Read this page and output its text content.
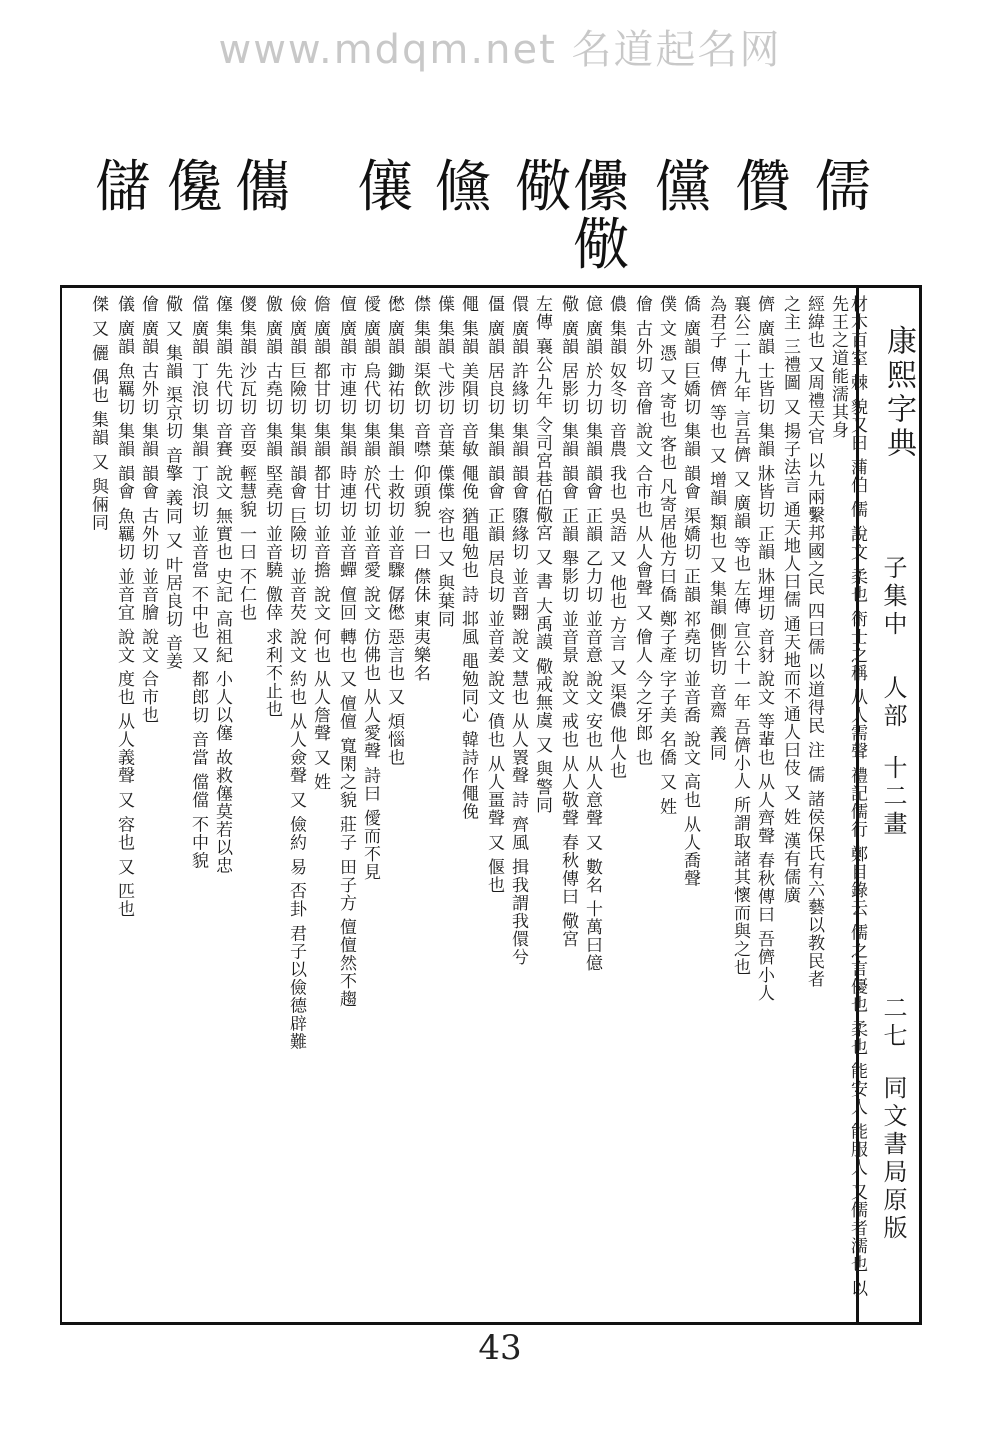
www.mdqm.net 名道起名网
儲 儳 儶 儴 儵 儆 儽
儆
儻 儹 儒
康熙字典
子集中
人部
十二畫
二七
同文書局原版
材木百室 棘 貌又曰 蒲伯 儒 說文 柔也 術士之稱 从人需聲 禮記儒行 鄭目錄云 儒之言優也 柔也 能安人 能服人 又儒者濡也 以先王之道能濡其身
經緯也 又周禮天官 以九兩繫邦國之民 四曰儒 以道得民 注 儒 諸侯保氏有六藝以教民者
之主 三禮圖 又 揚子法言 通天地人曰儒 通天地而不通人曰伎 又 姓 漢有儒廣
儕 廣韻 士皆切 集韻 牀皆切 正韻 牀埋切 音豺 說文 等輩也 从人齊聲 春秋傳曰 吾儕小人
襄公二十九年 言吾儕 又 廣韻 等也 左傳 宣公十一年 吾儕小人 所謂取諸其懷而與之也
為君子 傳 儕 等也 又 增韻 類也 又 集韻 側皆切 音齋 義同
僑 廣韻 巨嬌切 集韻 韻會 渠嬌切 正韻 祁堯切 並音喬 說文 高也 从人喬聲
僕 文 憑 又 寄也 客也 凡寄居他方曰僑 鄭子產 字子美 名僑 又 姓
儈 古外切 音儈 說文 合市也 从人會聲 又 儈人 今之牙郎 也
儂 集韻 奴冬切 音農 我也 吳語 又 他也 方言 又 渠儂 他人也
億 廣韻 於力切 集韻 韻會 正韻 乙力切 並音意 說文 安也 从人意聲 又 數名 十萬曰億
儆 廣韻 居影切 集韻 韻會 正韻 舉影切 並音景 說文 戒也 从人敬聲 春秋傳曰 儆宮
左傳 襄公九年 令司宮巷伯儆宮 又 書 大禹謨 儆戒無虞 又 與警同
儇 廣韻 許緣切 集韻 韻會 隳緣切 並音翾 說文 慧也 从人瞏聲 詩 齊風 揖我謂我儇兮
僵 廣韻 居良切 集韻 韻會 正韻 居良切 並音姜 說文 僨也 从人畺聲 又 偃也
僶 集韻 美隕切 音敏 僶俛 猶黽勉也 詩 邶風 黽勉同心 韓詩作僶俛
僷 集韻 弋涉切 音葉 僷僷 容也 又 與葉同
僸 集韻 渠飲切 音噤 仰頭貌 一曰 僸佅 東夷樂名
僽 廣韻 鋤祐切 集韻 士救切 並音驟 僝僽 惡言也 又 煩惱也
僾 廣韻 烏代切 集韻 於代切 並音愛 說文 仿佛也 从人愛聲 詩曰 僾而不見
儃 廣韻 市連切 集韻 時連切 並音蟬 儃回 轉也 又 儃儃 寬閑之貌 莊子 田子方 儃儃然不趨
儋 廣韻 都甘切 集韻 都甘切 並音擔 說文 何也 从人詹聲 又 姓
儉 廣韻 巨險切 集韻 韻會 巨險切 並音芡 說文 約也 从人僉聲 又 儉約 易 否卦 君子以儉德辟難
儌 廣韻 古堯切 集韻 堅堯切 並音驍 儌倖 求利不止也
儍 集韻 沙瓦切 音耍 輕慧貌 一曰 不仁也
僿 集韻 先代切 音賽 說文 無實也 史記 高祖紀 小人以僿 故救僿莫若以忠
儅 廣韻 丁浪切 集韻 丁浪切 並音當 不中也 又 都郎切 音當 儅儅 不中貌
儆 又 集韻 渠京切 音擎 義同 又 叶居良切 音姜
儈 廣韻 古外切 集韻 韻會 古外切 並音膾 說文 合市也
儀 廣韻 魚羈切 集韻 韻會 魚羈切 並音宜 說文 度也 从人義聲 又 容也 又 匹也
傑 又 儷 偶也 集韻 又 與倆同
43
